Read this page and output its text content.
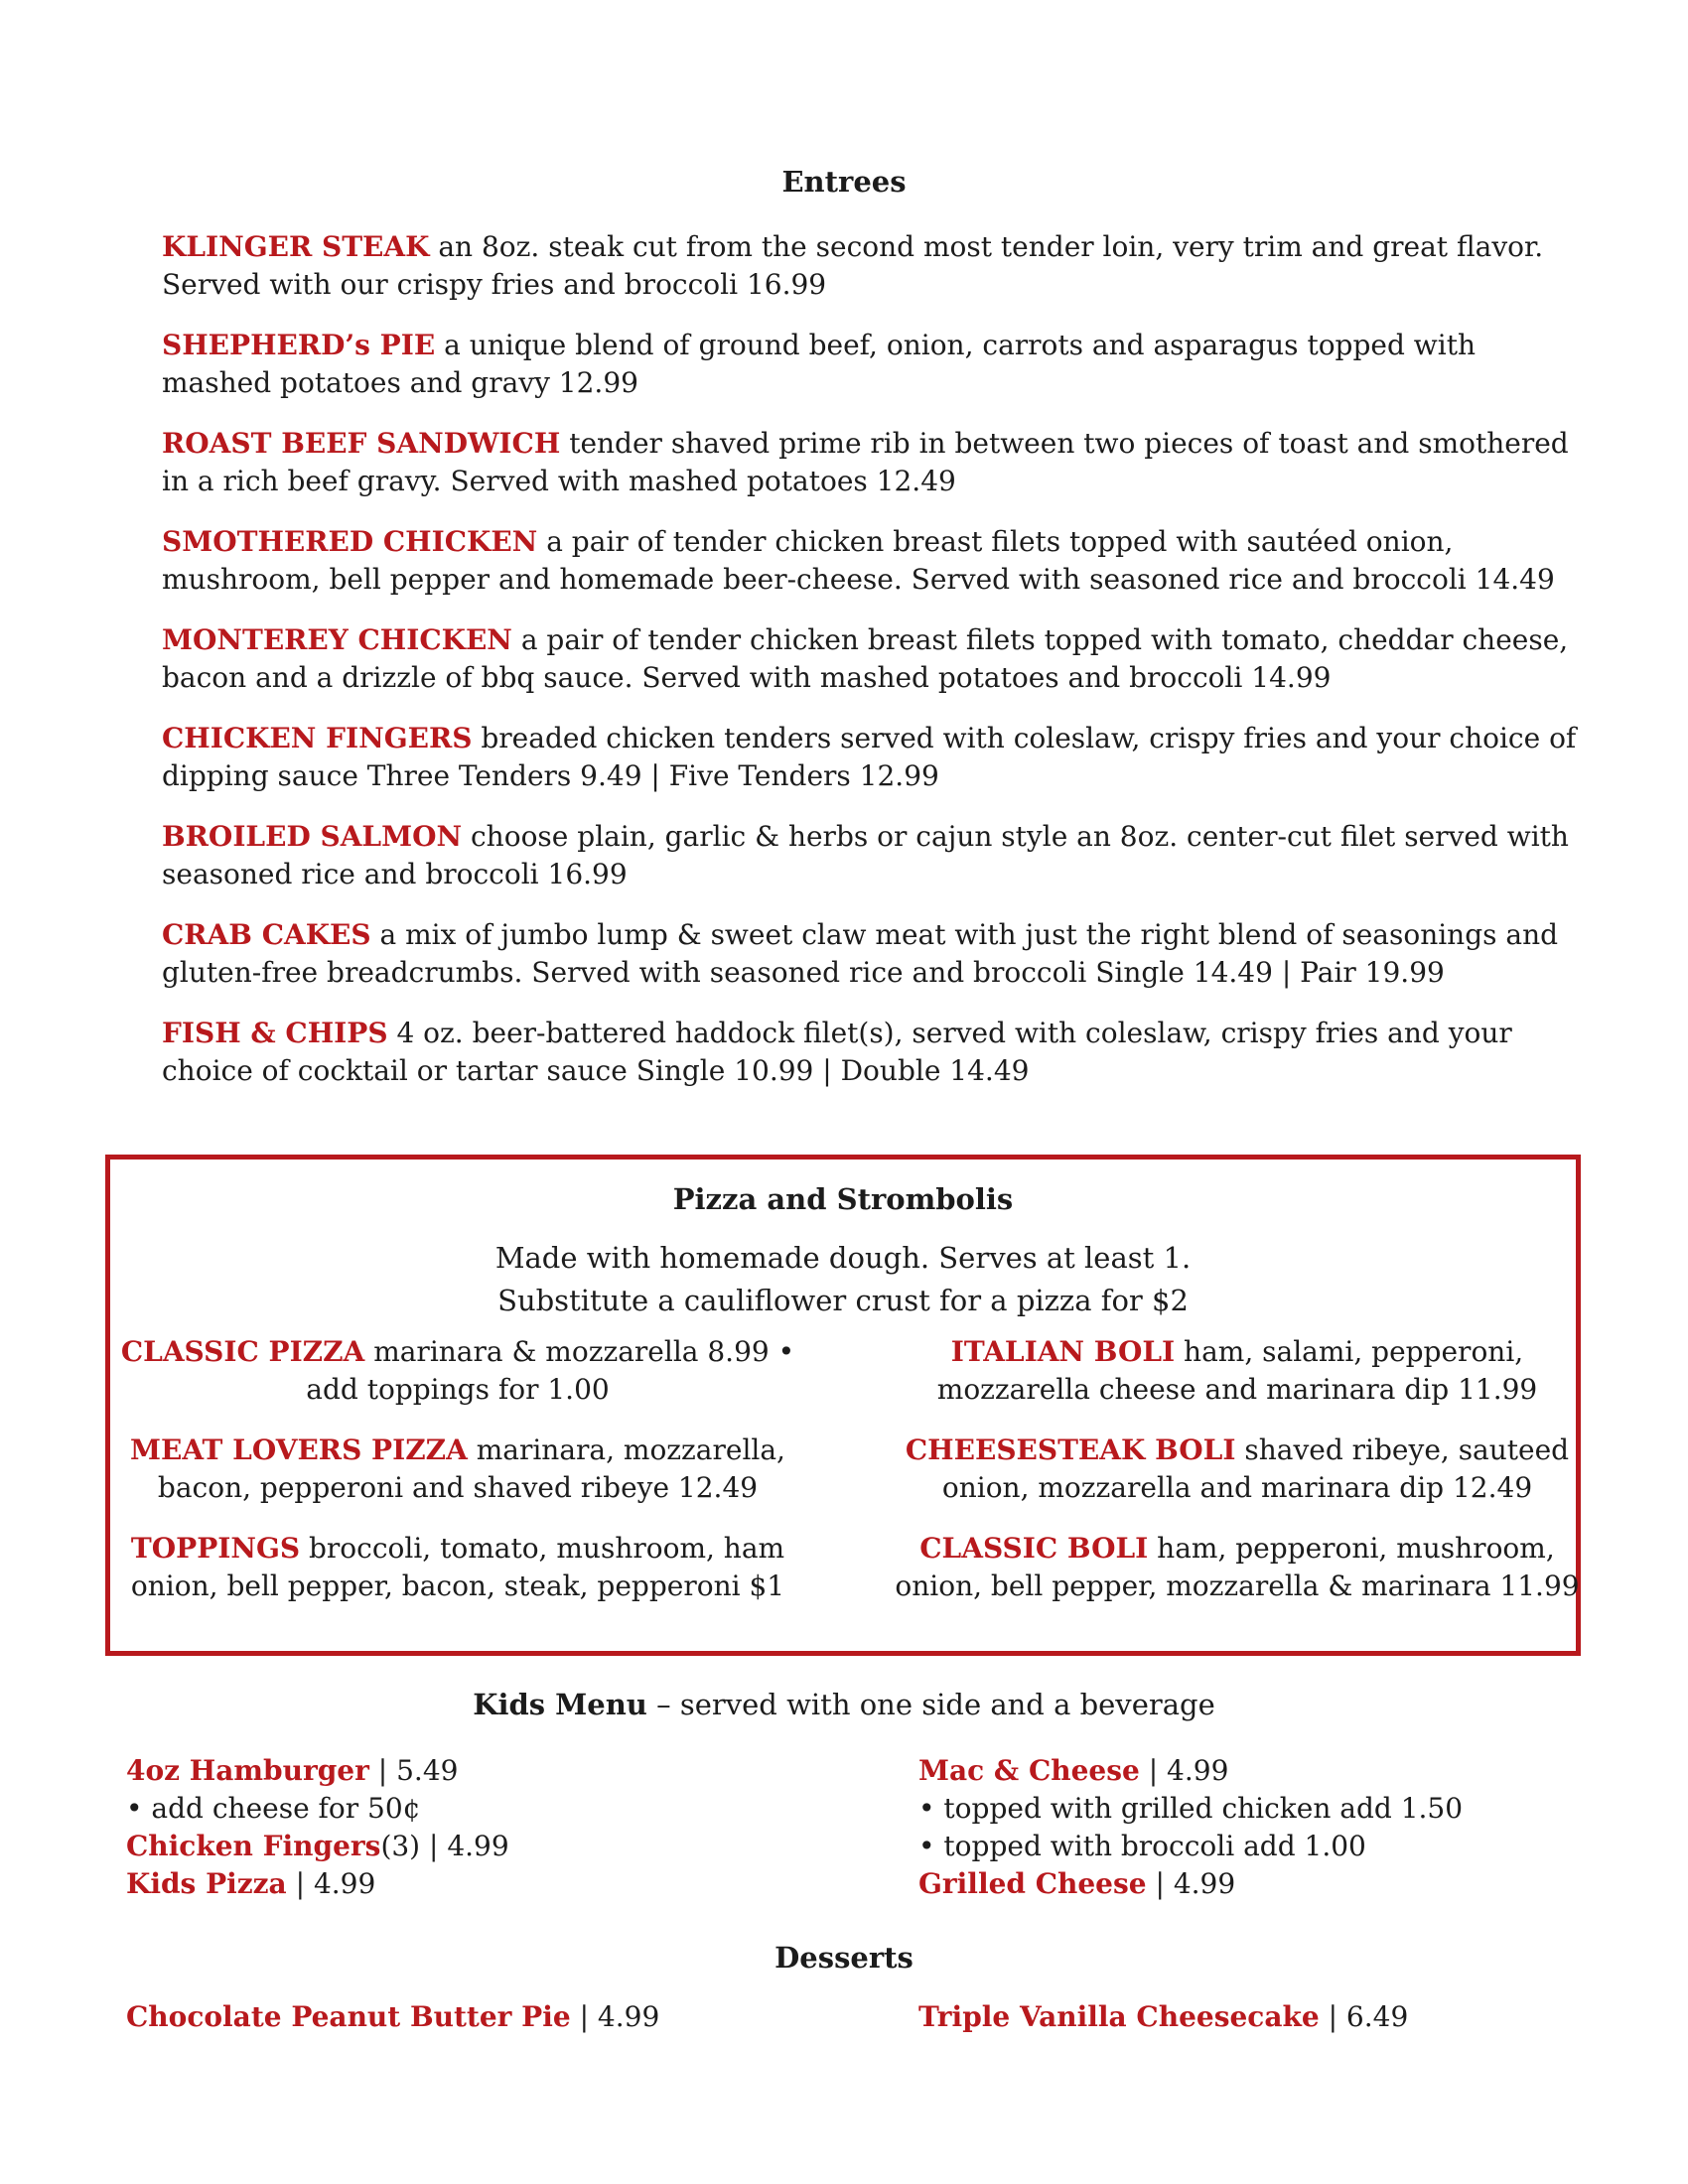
Entrees

KLINGER STEAK an 8oz. steak cut from the second most tender loin, very trim and great flavor. Served with our crispy fries and broccoli 16.99

SHEPHERD’s PIE a unique blend of ground beef, onion, carrots and asparagus topped with mashed potatoes and gravy 12.99

ROAST BEEF SANDWICH tender shaved prime rib in between two pieces of toast and smothered in a rich beef gravy. Served with mashed potatoes 12.49

SMOTHERED CHICKEN a pair of tender chicken breast filets topped with sautéed onion, mushroom, bell pepper and homemade beer-cheese. Served with seasoned rice and broccoli 14.49

MONTEREY CHICKEN a pair of tender chicken breast filets topped with tomato, cheddar cheese, bacon and a drizzle of bbq sauce. Served with mashed potatoes and broccoli 14.99

CHICKEN FINGERS breaded chicken tenders served with coleslaw, crispy fries and your choice of dipping sauce Three Tenders 9.49 | Five Tenders 12.99

BROILED SALMON choose plain, garlic & herbs or cajun style an 8oz. center-cut filet served with seasoned rice and broccoli 16.99

CRAB CAKES a mix of jumbo lump & sweet claw meat with just the right blend of seasonings and gluten-free breadcrumbs. Served with seasoned rice and broccoli Single 14.49 | Pair 19.99

FISH & CHIPS 4 oz. beer-battered haddock filet(s), served with coleslaw, crispy fries and your choice of cocktail or tartar sauce Single 10.99 | Double 14.49

Pizza and Strombolis
Made with homemade dough. Serves at least 1.
Substitute a cauliflower crust for a pizza for $2

CLASSIC PIZZA marinara & mozzarella 8.99 • add toppings for 1.00

MEAT LOVERS PIZZA marinara, mozzarella, bacon, pepperoni and shaved ribeye 12.49

TOPPINGS broccoli, tomato, mushroom, ham onion, bell pepper, bacon, steak, pepperoni $1

ITALIAN BOLI ham, salami, pepperoni, mozzarella cheese and marinara dip 11.99

CHEESESTEAK BOLI shaved ribeye, sauteed onion, mozzarella and marinara dip 12.49

CLASSIC BOLI ham, pepperoni, mushroom, onion, bell pepper, mozzarella & marinara 11.99

Kids Menu – served with one side and a beverage
4oz Hamburger | 5.49
• add cheese for 50¢
Chicken Fingers(3) | 4.99
Kids Pizza | 4.99
Mac & Cheese | 4.99
• topped with grilled chicken add 1.50
• topped with broccoli add 1.00
Grilled Cheese | 4.99
Desserts
Chocolate Peanut Butter Pie | 4.99	Triple Vanilla Cheesecake | 6.49
